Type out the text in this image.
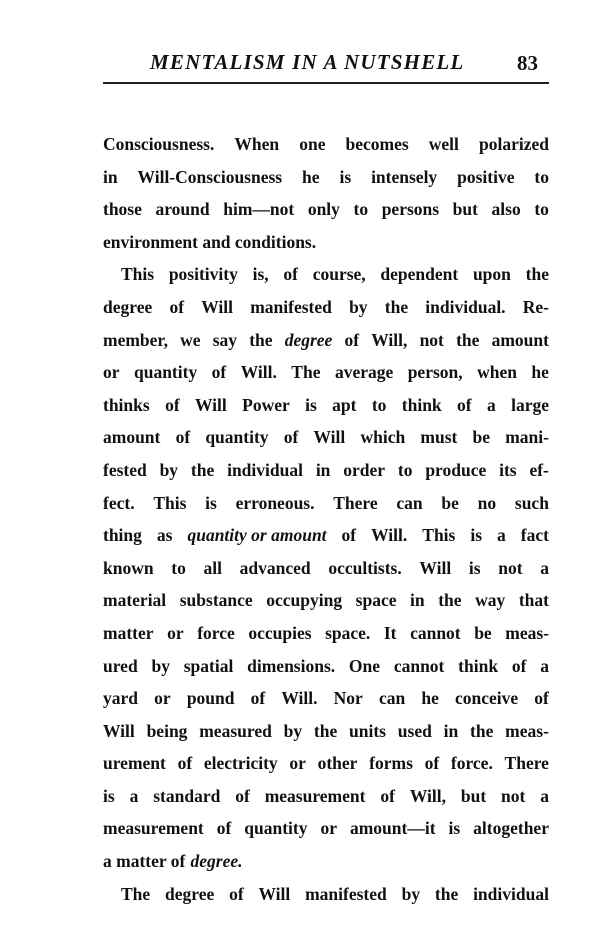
MENTALISM IN A NUTSHELL	83
Consciousness. When one becomes well polarized
in Will-Consciousness he is intensely positive to
those around him—not only to persons but also to
environment and conditions.
This positivity is, of course, dependent upon the
degree of Will manifested by the individual. Re-
member, we say the degree of Will, not the amount
or quantity of Will. The average person, when he
thinks of Will Power is apt to think of a large
amount of quantity of Will which must be mani-
fested by the individual in order to produce its ef-
fect. This is erroneous. There can be no such
thing as quantity or amount of Will. This is a fact
known to all advanced occultists. Will is not a
material substance occupying space in the way that
matter or force occupies space. It cannot be meas-
ured by spatial dimensions. One cannot think of a
yard or pound of Will. Nor can he conceive of
Will being measured by the units used in the meas-
urement of electricity or other forms of force. There
is a standard of measurement of Will, but not a
measurement of quantity or amount—it is altogether
a matter of degree.
The degree of Will manifested by the individual
